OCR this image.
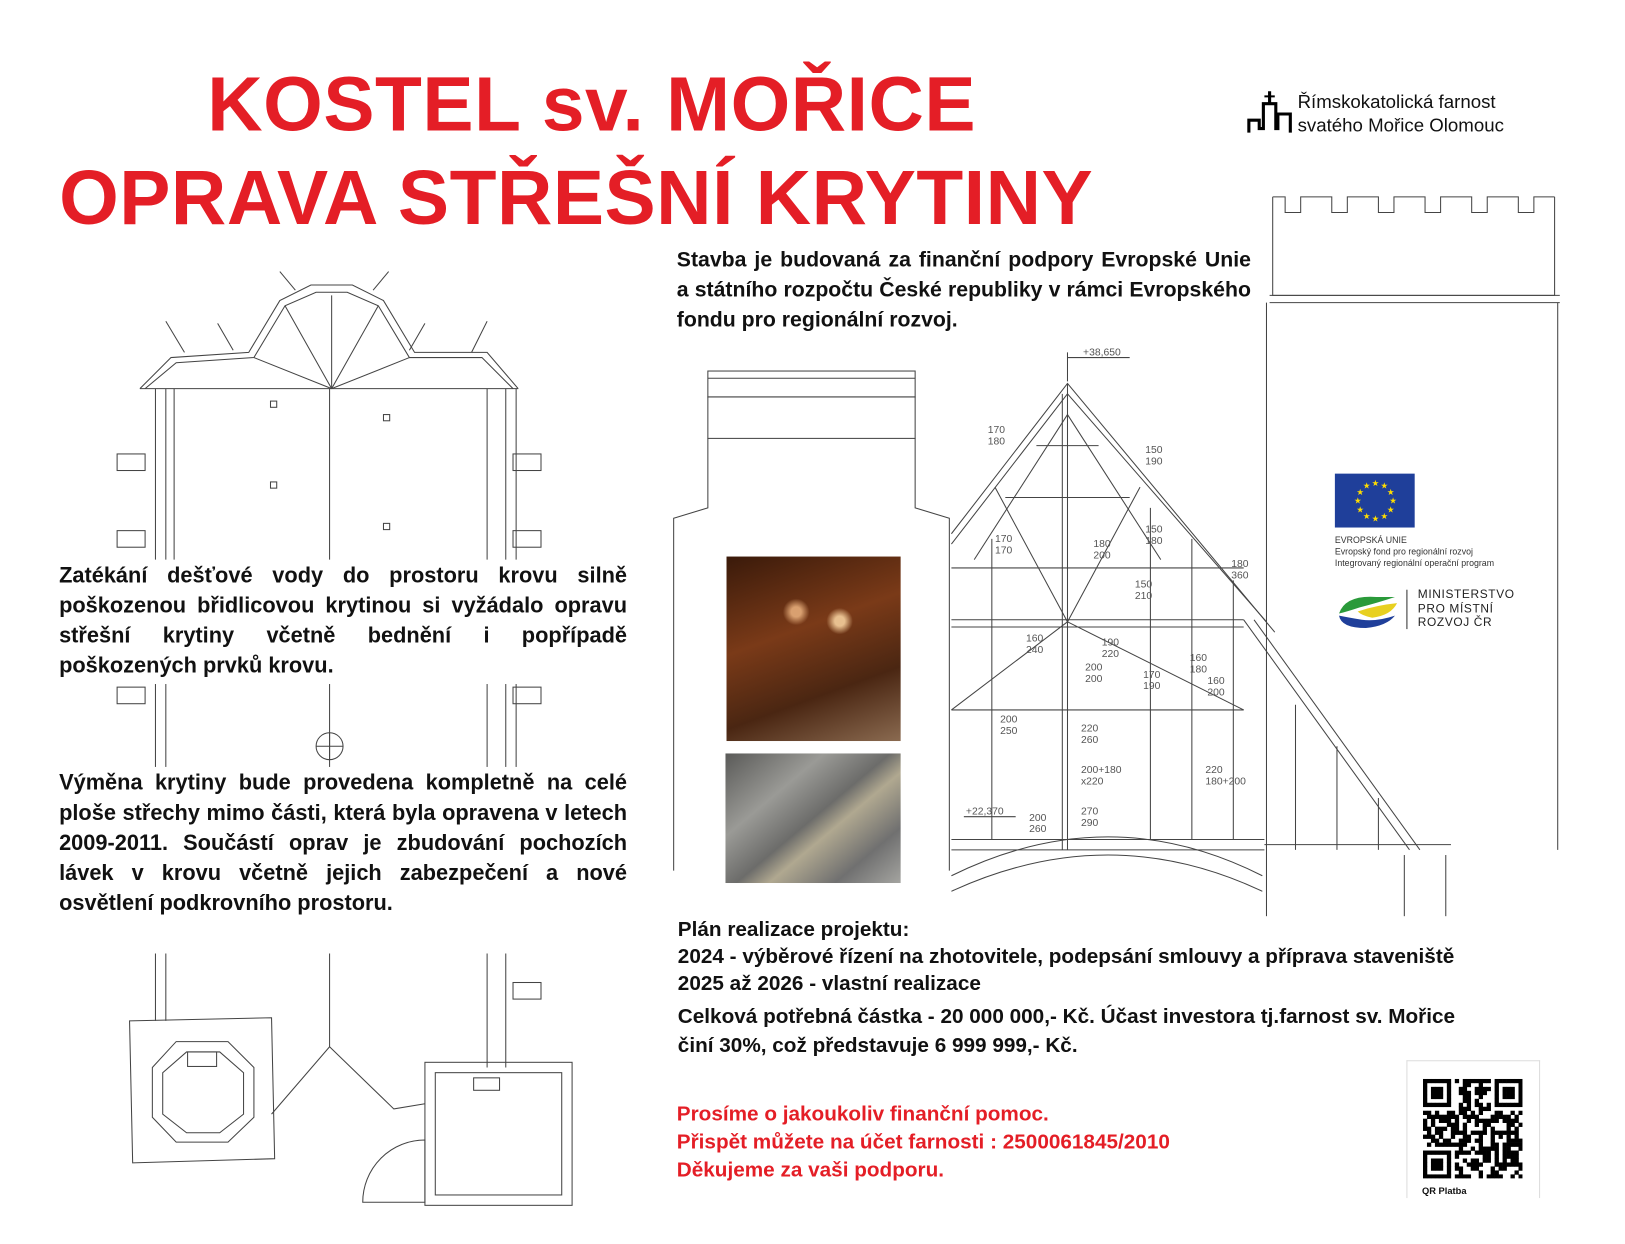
+38,650
170
180
150
190
170
170
180
200
150
180
180
360
150
210
160
240
190
220
200
200	170
190
160
180
160
200
200
250	220
260
200+180
x220
220
180+200
+22,370
200
260
270
290
KOSTEL sv. MOŘICE
OPRAVA STŘEŠNÍ KRYTINY
Římskokatolická farnost
svatého Mořice Olomouc
Stavba je budovaná za finanční podpory Evropské Unie a státního rozpočtu České republiky v rámci Evropského fondu pro regionální rozvoj.
Zatékání dešťové vody do prostoru krovu silně poškozenou břidlicovou krytinou si vyžádalo opravu střešní krytiny včetně bednění i popřípadě poškozených prvků krovu.
Výměna krytiny bude provedena kompletně na celé ploše střechy mimo části, která byla opravena v letech 2009-2011. Součástí oprav je zbudování pochozích lávek v krovu včetně jejich zabezpečení a nové osvětlení podkrovního prostoru.
★
★
★
★
★
★
★
★
★ ★ ★
★
EVROPSKÁ UNIE
Evropský fond pro regionální rozvoj
Integrovaný regionální operační program
MINISTERSTVO
PRO MÍSTNÍ
ROZVOJ ČR
Plán realizace projektu:
2024 - výběrové řízení na zhotovitele, podepsání smlouvy a příprava staveniště
2025 až 2026 - vlastní realizace
Celková potřebná částka - 20 000 000,- Kč. Účast investora tj.farnost sv. Mořice
činí 30%, což představuje 6 999 999,- Kč.
Prosíme o jakoukoliv finanční pomoc.
Přispět můžete na účet farnosti : 2500061845/2010
Děkujeme za vaši podporu.
QR Platba
